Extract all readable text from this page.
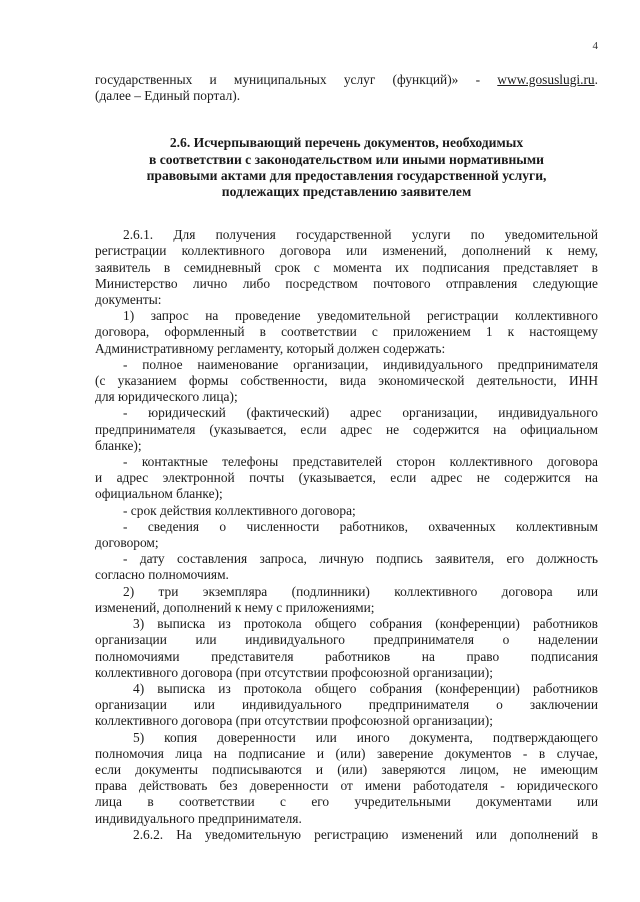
4
государственных и муниципальных услуг (функций)» - www.gosuslugi.ru.
(далее – Единый портал).
2.6. Исчерпывающий перечень документов, необходимых
в соответствии с законодательством или иными нормативными
правовыми актами для предоставления государственной услуги,
подлежащих представлению заявителем
2.6.1. Для получения государственной услуги по уведомительной
регистрации коллективного договора или изменений, дополнений к нему,
заявитель в семидневный срок с момента их подписания представляет в
Министерство лично либо посредством почтового отправления следующие
документы:
1) запрос на проведение уведомительной регистрации коллективного
договора, оформленный в соответствии с приложением 1 к настоящему
Административному регламенту, который должен содержать:
- полное наименование организации, индивидуального предпринимателя
(с указанием формы собственности, вида экономической деятельности, ИНН
для юридического лица);
- юридический (фактический) адрес организации, индивидуального
предпринимателя (указывается, если адрес не содержится на официальном
бланке);
- контактные телефоны представителей сторон коллективного договора
и адрес электронной почты (указывается, если адрес не содержится на
официальном бланке);
- срок действия коллективного договора;
- сведения о численности работников, охваченных коллективным
договором;
- дату составления запроса, личную подпись заявителя, его должность
согласно полномочиям.
2) три экземпляра (подлинники) коллективного договора или
изменений, дополнений к нему с приложениями;
3) выписка из протокола общего собрания (конференции) работников
организации или индивидуального предпринимателя о наделении
полномочиями представителя работников на право подписания
коллективного договора (при отсутствии профсоюзной организации);
4) выписка из протокола общего собрания (конференции) работников
организации или индивидуального предпринимателя о заключении
коллективного договора (при отсутствии профсоюзной организации);
5) копия доверенности или иного документа, подтверждающего
полномочия лица на подписание и (или) заверение документов - в случае,
если документы подписываются и (или) заверяются лицом, не имеющим
права действовать без доверенности от имени работодателя - юридического
лица в соответствии с его учредительными документами или
индивидуального предпринимателя.
2.6.2. На уведомительную регистрацию изменений или дополнений в
